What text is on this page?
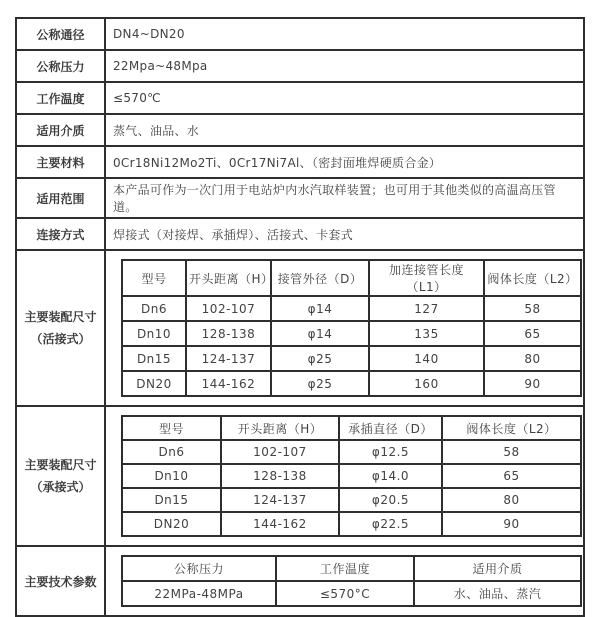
公称通径	DN4~DN20
公称压力	22Mpa~48Mpa
工作温度	≤570℃
适用介质	蒸气、油品、水
主要材料	0Cr18Ni12Mo2Ti、0Cr17Ni7Al、（密封面堆焊硬质合金）
适用范围	本产品可作为一次门用于电站炉内水汽取样装置；也可用于其他类似的高温高压管道。
连接方式	焊接式（对接焊、承插焊）、活接式、卡套式

主要装配尺寸
（活接式）

型号	开头距离（H）	接管外径（D）	加连接管长度（L1）	阀体长度（L2）
Dn6	102-107	φ14	127	58
Dn10	128-138	φ14	135	65
Dn15	124-137	φ25	140	80
DN20	144-162	φ25	160	90

主要装配尺寸
（承接式）

型号	开头距离（H）	承插直径（D）	阀体长度（L2）
Dn6	102-107	φ12.5	58
Dn10	128-138	φ14.0	65
Dn15	124-137	φ20.5	80
DN20	144-162	φ22.5	90

主要技术参数	
公称压力	工作温度	适用介质
22MPa-48MPa	≤570°C	水、油品、蒸汽
